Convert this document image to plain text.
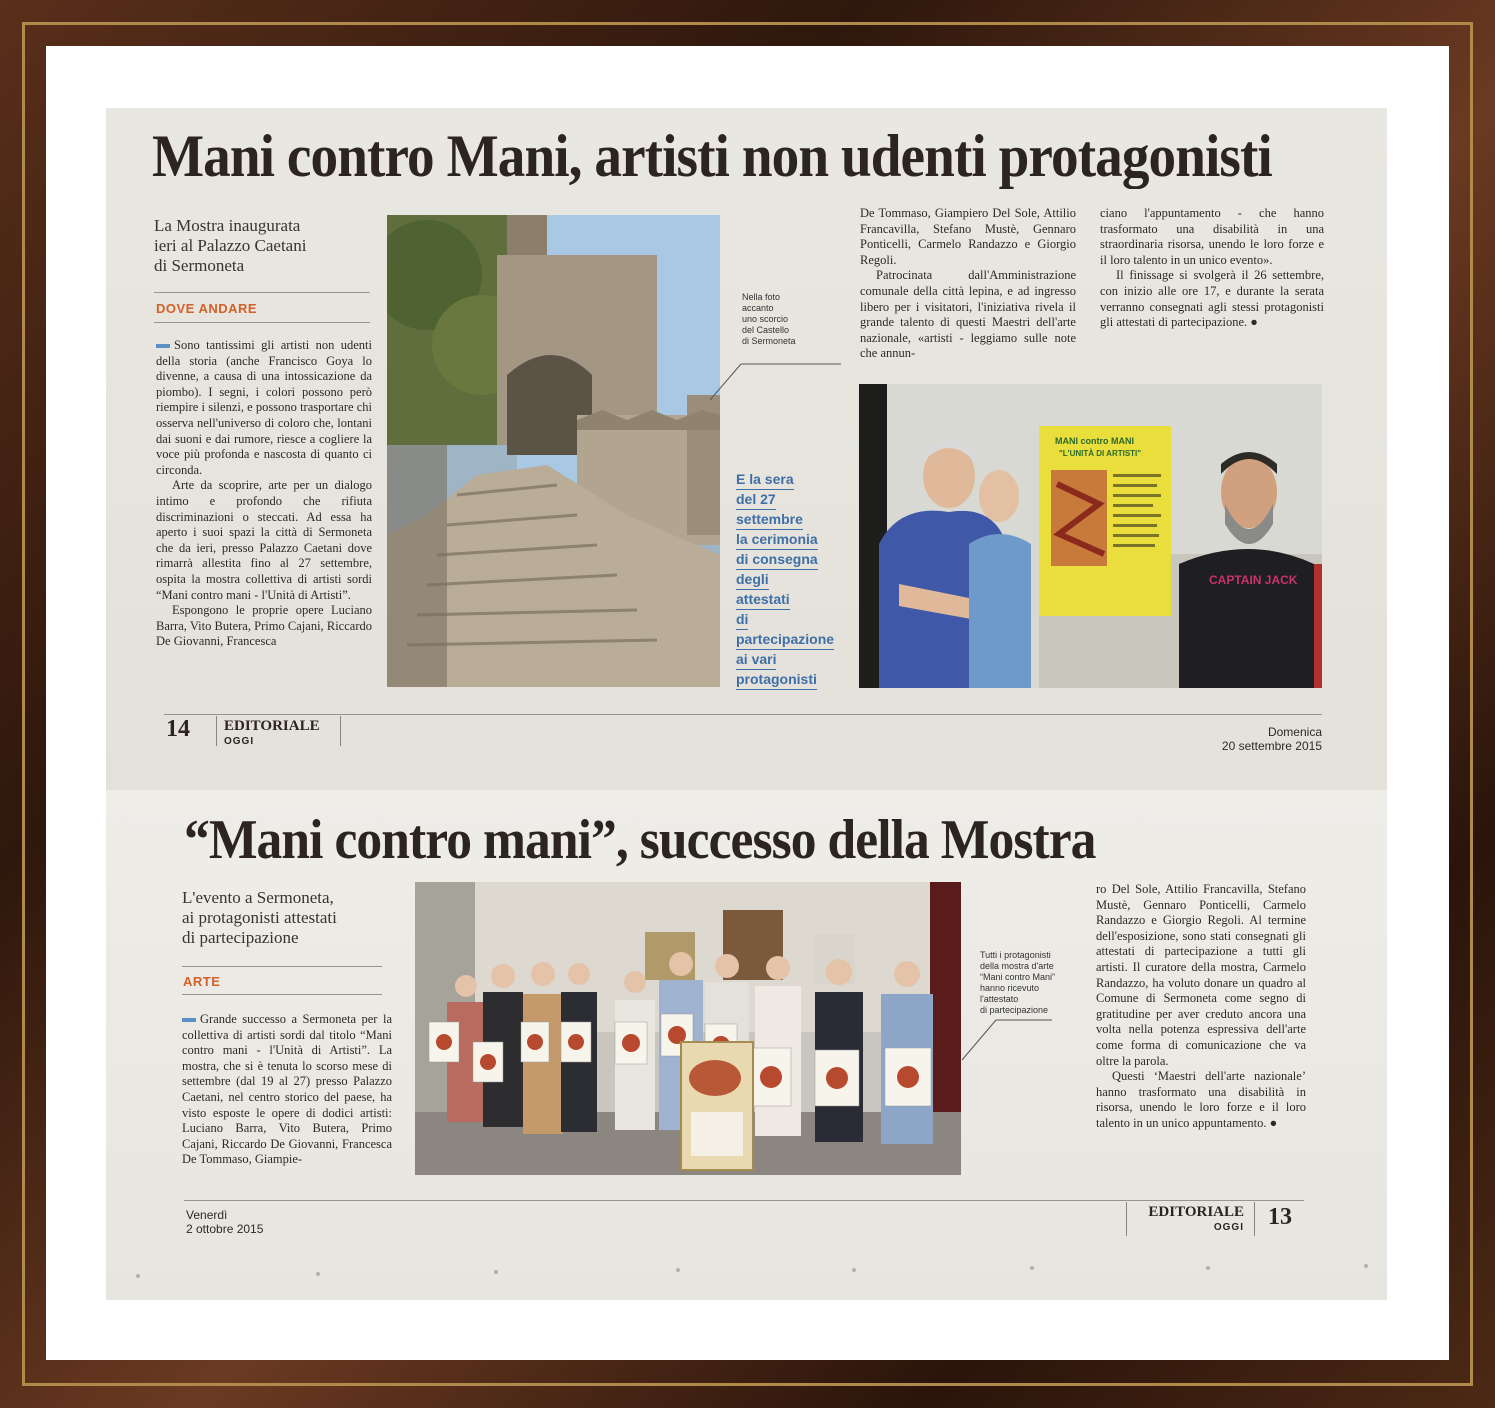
Mani contro Mani, artisti non udenti protagonisti
La Mostra inaugurata
ieri al Palazzo Caetani
di Sermoneta
DOVE ANDARE

Sono tantissimi gli artisti non udenti della storia (anche Francisco Goya lo divenne, a causa di una intossicazione da piombo). I segni, i colori possono però riempire i silenzi, e possono trasportare chi osserva nell'universo di coloro che, lontani dai suoni e dai rumore, riesce a cogliere la voce più profonda e nascosta di quanto ci circonda.

Arte da scoprire, arte per un dialogo intimo e profondo che rifiuta discriminazioni o steccati. Ad essa ha aperto i suoi spazi la città di Sermoneta che da ieri, presso Palazzo Caetani dove rimarrà allestita fino al 27 settembre, ospita la mostra collettiva di artisti sordi “Mani contro mani - l'Unità di Artisti”.

Espongono le proprie opere Luciano Barra, Vito Butera, Primo Cajani, Riccardo De Giovanni, Francesca

Nella foto
accanto
uno scorcio
del Castello
di Sermoneta
E la sera
del 27
settembre
la cerimonia
di consegna
degli
attestati
di
partecipazione
ai vari
protagonisti

De Tommaso, Giampiero Del Sole, Attilio Francavilla, Stefano Mustè, Gennaro Ponticelli, Carmelo Randazzo e Giorgio Regoli.

Patrocinata dall'Amministrazione comunale della città lepina, e ad ingresso libero per i visitatori, l'iniziativa rivela il grande talento di questi Maestri dell'arte nazionale, «artisti - leggiamo sulle note che annun-

ciano l'appuntamento - che hanno trasformato una disabilità in una straordinaria risorsa, unendo le loro forze e il loro talento in un unico evento».

Il finissage si svolgerà il 26 settembre, con inizio alle ore 17, e durante la serata verranno consegnati agli stessi protagonisti gli attestati di partecipazione. ●

MANI contro MANI
"L'UNITÀ DI ARTISTI"
CAPTAIN JACK
14 EDITORIALE
OGGI
Domenica
20 settembre 2015
“Mani contro mani”, successo della Mostra
L'evento a Sermoneta,
ai protagonisti attestati
di partecipazione
ARTE

Grande successo a Sermoneta per la collettiva di artisti sordi dal titolo “Mani contro mani - l'Unità di Artisti”. La mostra, che si è tenuta lo scorso mese di settembre (dal 19 al 27) presso Palazzo Caetani, nel centro storico del paese, ha visto esposte le opere di dodici artisti: Luciano Barra, Vito Butera, Primo Cajani, Riccardo De Giovanni, Francesca De Tommaso, Giampie-

Tutti i protagonisti
della mostra d'arte
“Mani contro Mani”
hanno ricevuto
l'attestato
di partecipazione

ro Del Sole, Attilio Francavilla, Stefano Mustè, Gennaro Ponticelli, Carmelo Randazzo e Giorgio Regoli. Al termine dell'esposizione, sono stati consegnati gli attestati di partecipazione a tutti gli artisti. Il curatore della mostra, Carmelo Randazzo, ha voluto donare un quadro al Comune di Sermoneta come segno di gratitudine per aver creduto ancora una volta nella potenza espressiva dell'arte come forma di comunicazione che va oltre la parola.

Questi ‘Maestri dell'arte nazionale’ hanno trasformato una disabilità in risorsa, unendo le loro forze e il loro talento in un unico appuntamento. ●

Venerdì
2 ottobre 2015
EDITORIALE
OGGI 13
